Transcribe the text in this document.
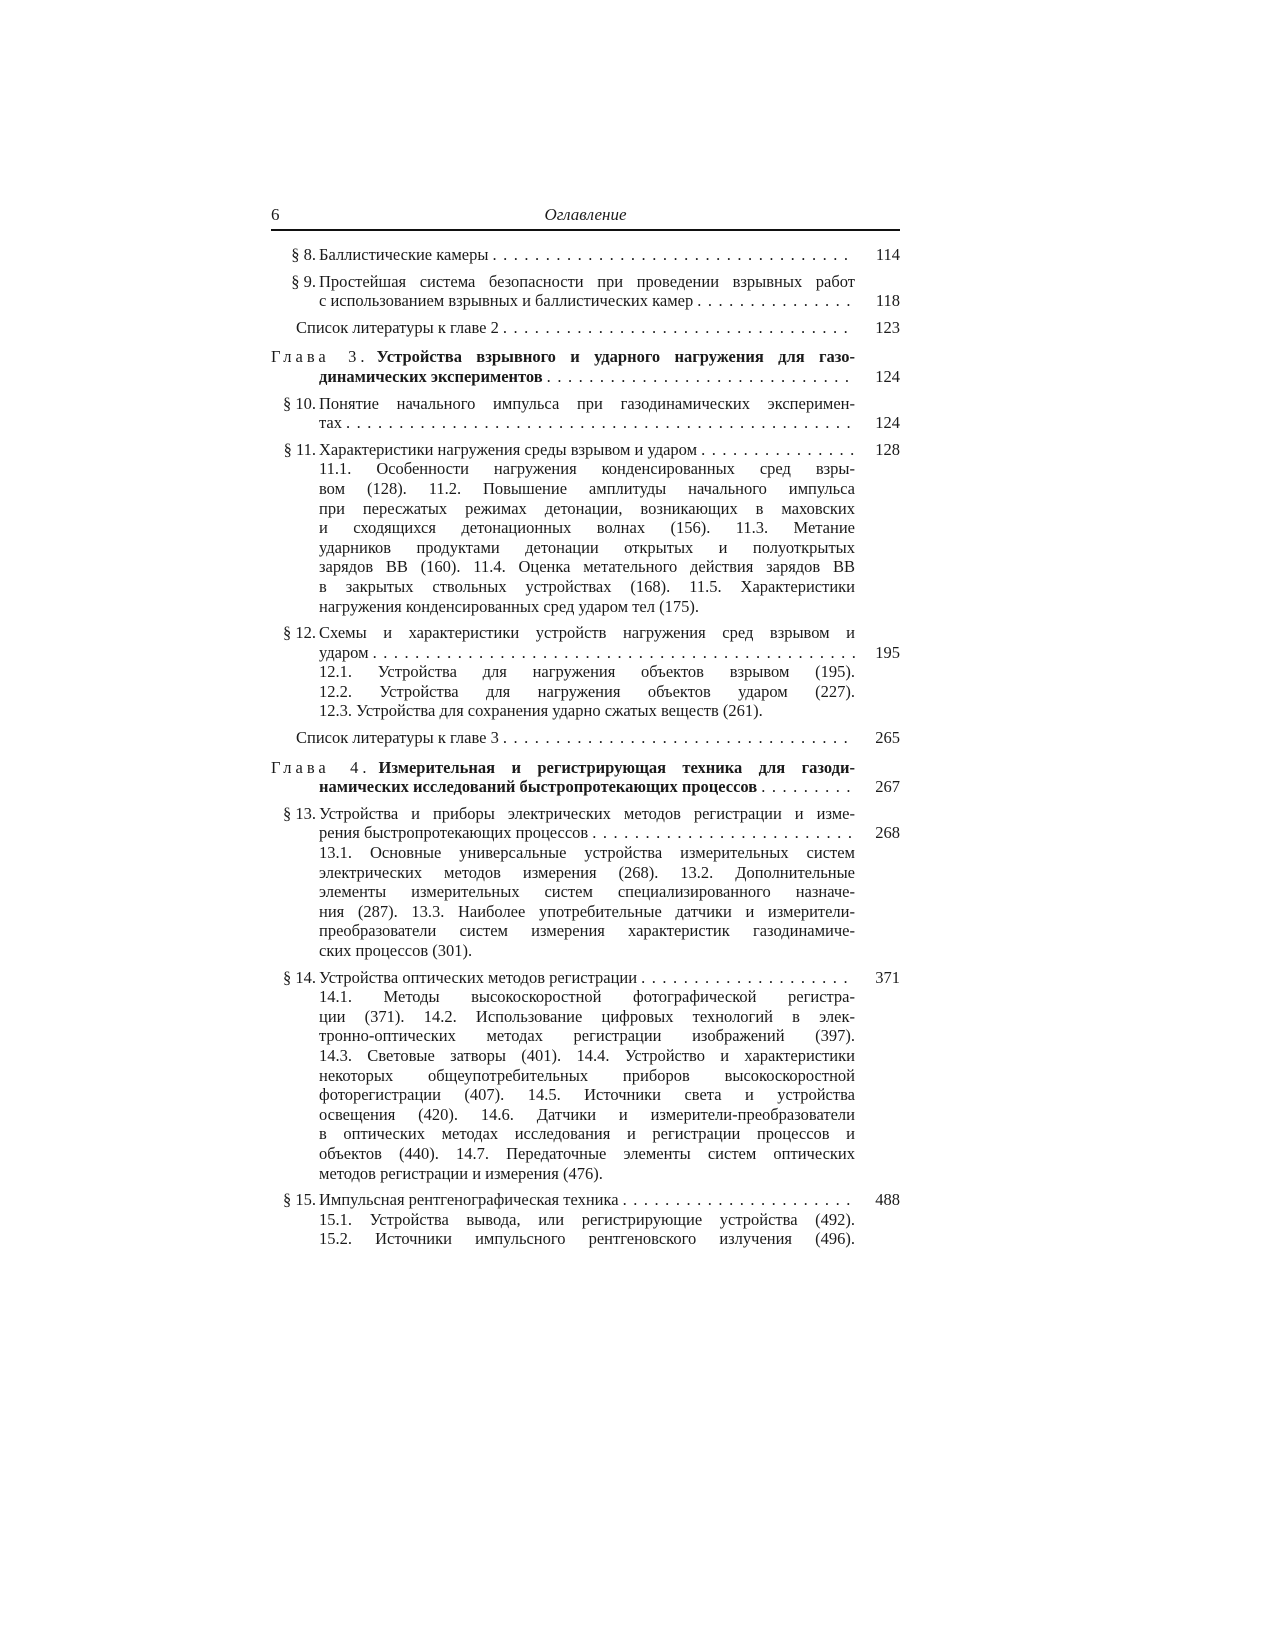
6	Оглавление
§ 8. Баллистические камеры . . .	114
§ 9. Простейшая система безопасности при проведении взрывных работ
с использованием взрывных и баллистических камер . . .	118
Список литературы к главе 2 . . .	123
Глава 3. Устройства взрывного и ударного нагружения для газо-
динамических экспериментов . . .	124
§ 10. Понятие начального импульса при газодинамических эксперимен-
тах . . .	124
§ 11. Характеристики нагружения среды взрывом и ударом . . .	128
11.1. Особенности нагружения конденсированных сред взры-
вом (128). 11.2. Повышение амплитуды начального импульса
при пересжатых режимах детонации, возникающих в маховских
и сходящихся детонационных волнах (156). 11.3. Метание
ударников продуктами детонации открытых и полуоткрытых
зарядов ВВ (160). 11.4. Оценка метательного действия зарядов ВВ
в закрытых ствольных устройствах (168). 11.5. Характеристики
нагружения конденсированных сред ударом тел (175).
§ 12. Схемы и характеристики устройств нагружения сред взрывом и
ударом . . .	195
12.1. Устройства для нагружения объектов взрывом (195).
12.2. Устройства для нагружения объектов ударом (227).
12.3. Устройства для сохранения ударно сжатых веществ (261).
Список литературы к главе 3 . . .	265
Глава 4. Измерительная и регистрирующая техника для газоди-
намических исследований быстропротекающих процессов . . .	267
§ 13. Устройства и приборы электрических методов регистрации и изме-
рения быстропротекающих процессов . . .	268
13.1. Основные универсальные устройства измерительных систем
электрических методов измерения (268). 13.2. Дополнительные
элементы измерительных систем специализированного назначе-
ния (287). 13.3. Наиболее употребительные датчики и измерители-
преобразователи систем измерения характеристик газодинамиче-
ских процессов (301).
§ 14. Устройства оптических методов регистрации . . .	371
14.1. Методы высокоскоростной фотографической регистра-
ции (371). 14.2. Использование цифровых технологий в элек-
тронно-оптических методах регистрации изображений (397).
14.3. Световые затворы (401). 14.4. Устройство и характеристики
некоторых общеупотребительных приборов высокоскоростной
фоторегистрации (407). 14.5. Источники света и устройства
освещения (420). 14.6. Датчики и измерители-преобразователи
в оптических методах исследования и регистрации процессов и
объектов (440). 14.7. Передаточные элементы систем оптических
методов регистрации и измерения (476).
§ 15. Импульсная рентгенографическая техника . . .	488
15.1. Устройства вывода, или регистрирующие устройства (492).
15.2. Источники импульсного рентгеновского излучения (496).
